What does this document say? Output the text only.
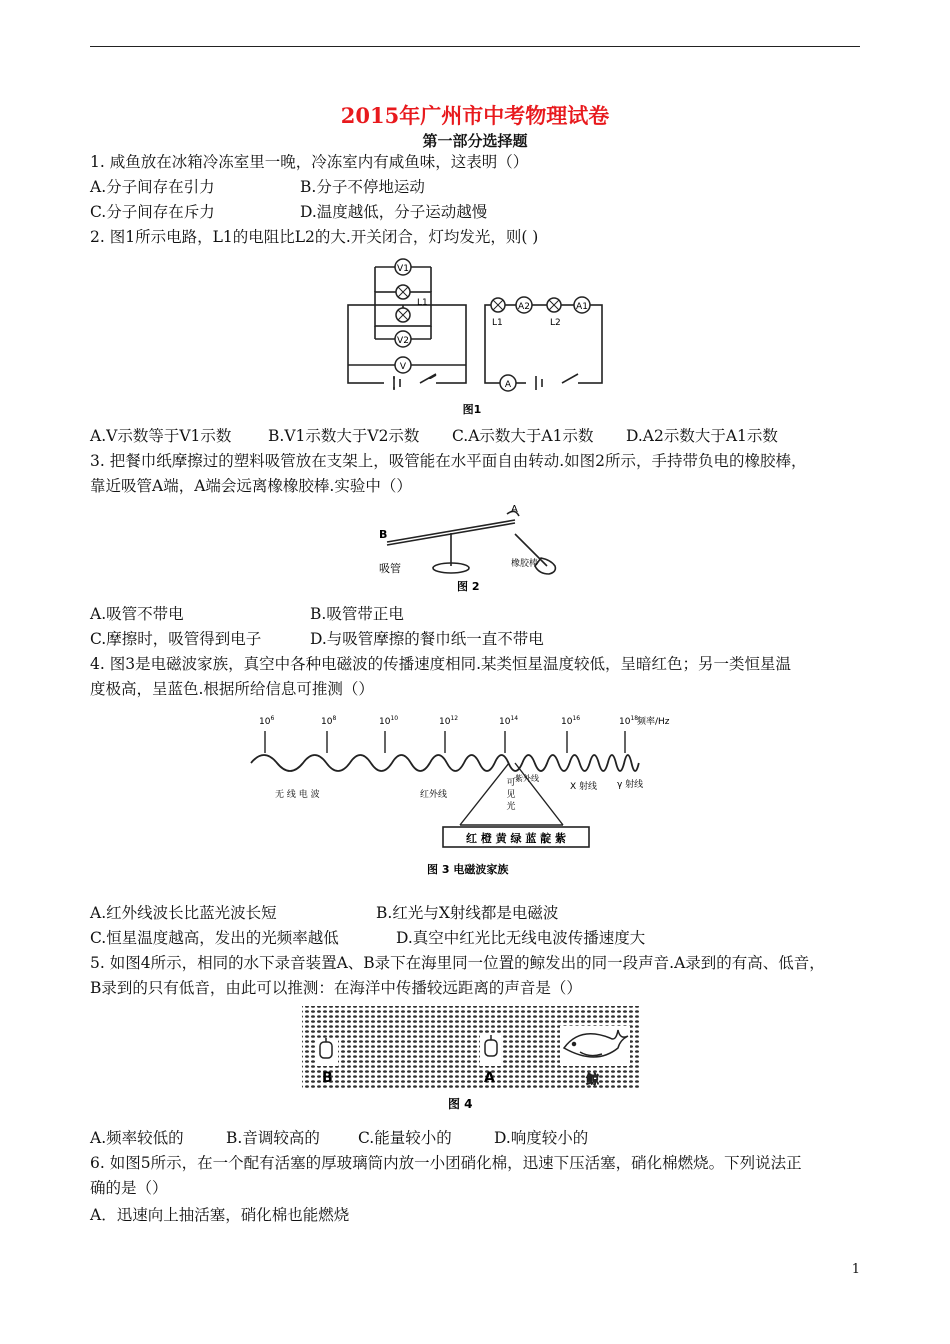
2015年广州市中考物理试卷
第一部分选择题
1. 咸鱼放在冰箱冷冻室里一晚，冷冻室内有咸鱼味，这表明（）
A.分子间存在引力	B.分子不停地运动
C.分子间存在斥力	D.温度越低，分子运动越慢
2. 图1所示电路，L1的电阻比L2的大.开关闭合，灯均发光，则( )
V1
L1
V2
V
L1
A2
L2
A1
A
图1
A.V示数等于V1示数 B.V1示数大于V2示数 C.A示数大于A1示数 D.A2示数大于A1示数
3. 把餐巾纸摩擦过的塑料吸管放在支架上，吸管能在水平面自由转动.如图2所示，手持带负电的橡胶棒，
靠近吸管A端，A端会远离橡橡胶棒.实验中（）
B
A
吸管	橡胶棒
图 2
A.吸管不带电	B.吸管带正电
C.摩擦时，吸管得到电子	D.与吸管摩擦的餐巾纸一直不带电
4. 图3是电磁波家族，真空中各种电磁波的传播速度相同.某类恒星温度较低，呈暗红色；另一类恒星温
度极高，呈蓝色.根据所给信息可推测（）
$10^6$	$10^8$	$10^{10}$	$10^{12}$	$10^{14}$	$10^{16}$	$10^{18}$
频率/Hz
无 线 电 波	红外线
紫外线
X 射线 γ 射线
可
见
光
红 橙 黄 绿 蓝 靛 紫
图 3 电磁波家族
A.红外线波长比蓝光波长短	B.红光与X射线都是电磁波
C.恒星温度越高，发出的光频率越低	D.真空中红光比无线电波传播速度大
5. 如图4所示，相同的水下录音装置A、B录下在海里同一位置的鲸发出的同一段声音.A录到的有高、低音，
B录到的只有低音，由此可以推测：在海洋中传播较远距离的声音是（）
B	A	鲸
图 4
A.频率较低的	B.音调较高的 C.能量较小的	D.响度较小的
6. 如图5所示，在一个配有活塞的厚玻璃筒内放一小团硝化棉，迅速下压活塞，硝化棉燃烧。下列说法正
确的是（）
A．迅速向上抽活塞，硝化棉也能燃烧
1
